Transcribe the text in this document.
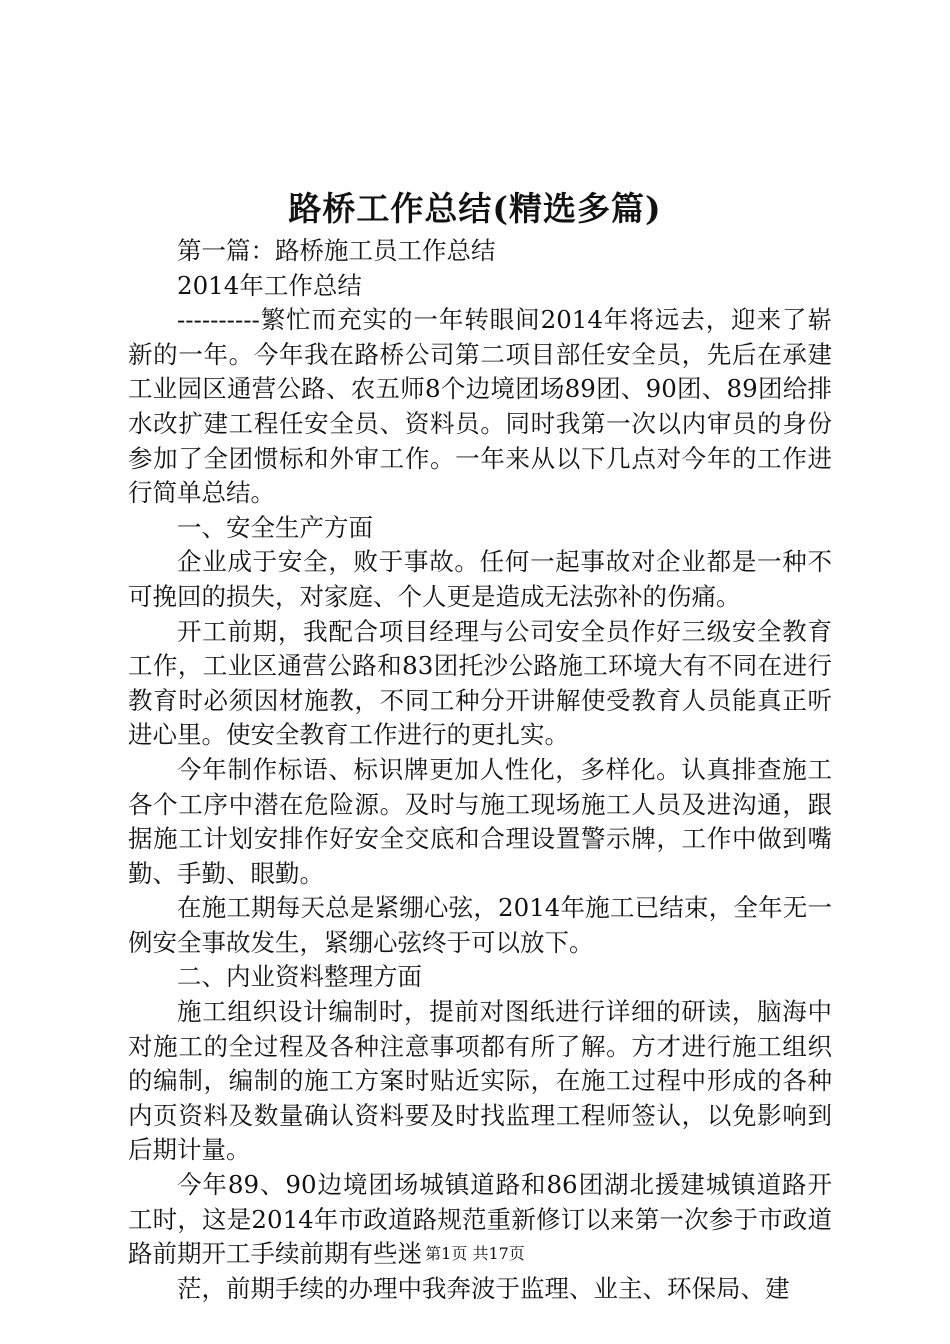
路桥工作总结(精选多篇)

第一篇：路桥施工员工作总结

2014年工作总结

----------繁忙而充实的一年转眼间2014年将远去，迎来了崭新的一年。今年我在路桥公司第二项目部任安全员，先后在承建工业园区通营公路、农五师8个边境团场89团、90团、89团给排水改扩建工程任安全员、资料员。同时我第一次以内审员的身份参加了全团惯标和外审工作。一年来从以下几点对今年的工作进行简单总结。

一、安全生产方面

企业成于安全，败于事故。任何一起事故对企业都是一种不可挽回的损失，对家庭、个人更是造成无法弥补的伤痛。

开工前期，我配合项目经理与公司安全员作好三级安全教育工作，工业区通营公路和83团托沙公路施工环境大有不同在进行教育时必须因材施教，不同工种分开讲解使受教育人员能真正听进心里。使安全教育工作进行的更扎实。

今年制作标语、标识牌更加人性化，多样化。认真排查施工各个工序中潜在危险源。及时与施工现场施工人员及进沟通，跟据施工计划安排作好安全交底和合理设置警示牌，工作中做到嘴勤、手勤、眼勤。

在施工期每天总是紧绷心弦，2014年施工已结束，全年无一例安全事故发生，紧绷心弦终于可以放下。

二、内业资料整理方面

施工组织设计编制时，提前对图纸进行详细的研读，脑海中对施工的全过程及各种注意事项都有所了解。方才进行施工组织的编制，编制的施工方案时贴近实际，在施工过程中形成的各种内页资料及数量确认资料要及时找监理工程师签认，以免影响到后期计量。

今年89、90边境团场城镇道路和86团湖北援建城镇道路开工时，这是2014年市政道路规范重新修订以来第一次参于市政道路前期开工手续前期有些迷

茫，前期手续的办理中我奔波于监理、业主、环保局、建

第1页 共17页
